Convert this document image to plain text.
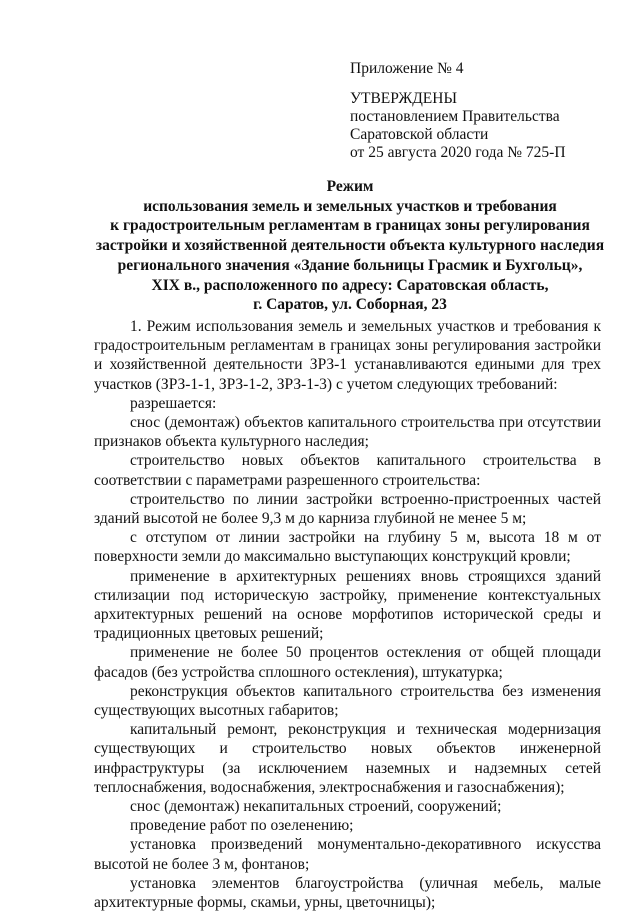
Приложение № 4
УТВЕРЖДЕНЫ
постановлением Правительства
Саратовской области
от 25 августа 2020 года № 725-П
Режим
использования земель и земельных участков и требования
к градостроительным регламентам в границах зоны регулирования
застройки и хозяйственной деятельности объекта культурного наследия
регионального значения «Здание больницы Грасмик и Бухгольц»,
XIX в., расположенного по адресу: Саратовская область,
г. Саратов, ул. Соборная, 23

1. Режим использования земель и земельных участков и требования к градостроительным регламентам в границах зоны регулирования застройки и хозяйственной деятельности ЗРЗ-1 устанавливаются едиными для трех участков (ЗРЗ-1-1, ЗРЗ-1-2, ЗРЗ-1-3) с учетом следующих требований:

разрешается:

снос (демонтаж) объектов капитального строительства при отсутствии признаков объекта культурного наследия;

строительство новых объектов капитального строительства в соответствии с параметрами разрешенного строительства:

строительство по линии застройки встроенно-пристроенных частей зданий высотой не более 9,3 м до карниза глубиной не менее 5 м;

с отступом от линии застройки на глубину 5 м, высота 18 м от поверхности земли до максимально выступающих конструкций кровли;

применение в архитектурных решениях вновь строящихся зданий стилизации под историческую застройку, применение контекстуальных архитектурных решений на основе морфотипов исторической среды и традиционных цветовых решений;

применение не более 50 процентов остекления от общей площади фасадов (без устройства сплошного остекления), штукатурка;

реконструкция объектов капитального строительства без изменения существующих высотных габаритов;

капитальный ремонт, реконструкция и техническая модернизация существующих и строительство новых объектов инженерной инфраструктуры (за исключением наземных и надземных сетей теплоснабжения, водоснабжения, электроснабжения и газоснабжения);

снос (демонтаж) некапитальных строений, сооружений;

проведение работ по озеленению;

установка произведений монументально-декоративного искусства высотой не более 3 м, фонтанов;

установка элементов благоустройства (уличная мебель, малые архитектурные формы, скамьи, урны, цветочницы);
